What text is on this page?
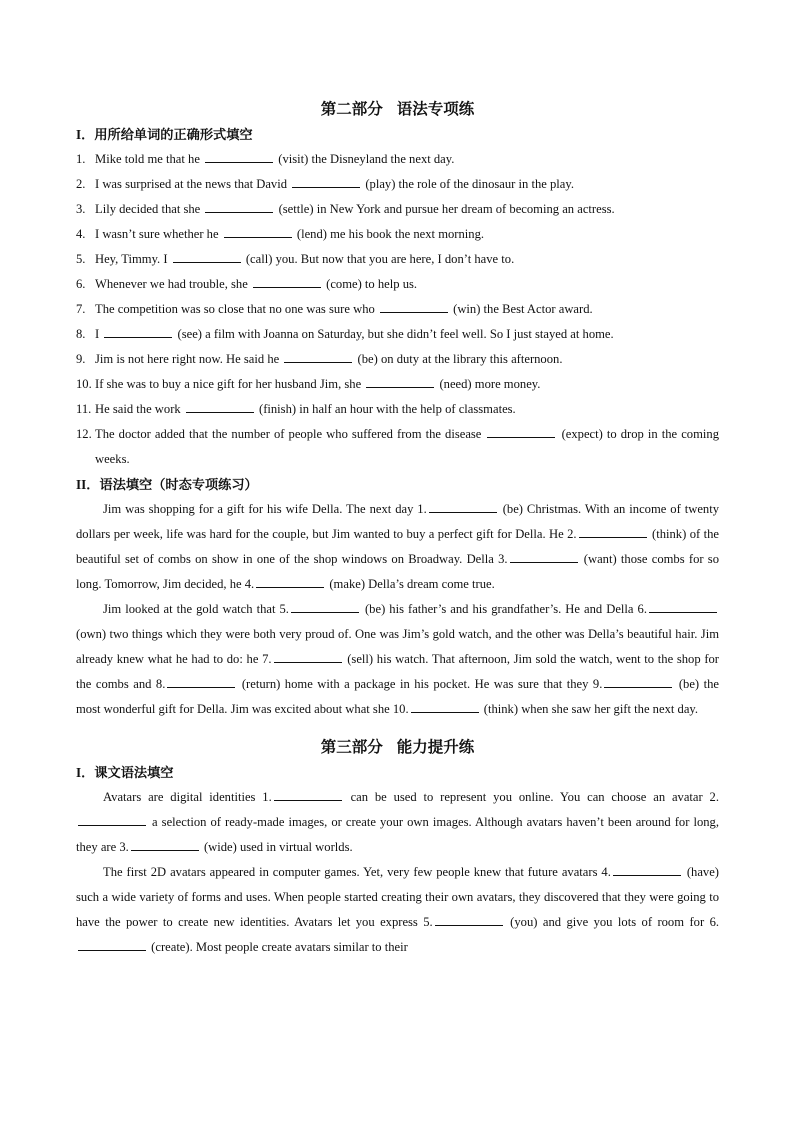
第二部分 语法专项练
I．用所给单词的正确形式填空
1. Mike told me that he	(visit) the Disneyland the next day.
2. I was surprised at the news that David	(play) the role of the dinosaur in the play.
3. Lily decided that she	(settle) in New York and pursue her dream of becoming an actress.
4. I wasn’t sure whether he	(lend) me his book the next morning.
5. Hey, Timmy. I	(call) you. But now that you are here, I don’t have to.
6. Whenever we had trouble, she	(come) to help us.
7. The competition was so close that no one was sure who	(win) the Best Actor award.
8. I	(see) a film with Joanna on Saturday, but she didn’t feel well. So I just stayed at home.
9. Jim is not here right now. He said he	(be) on duty at the library this afternoon.
10. If she was to buy a nice gift for her husband Jim, she	(need) more money.
11. He said the work	(finish) in half an hour with the help of classmates.
12. The doctor added that the number of people who suffered from the disease	(expect) to drop in the coming weeks.
II．语法填空（时态专项练习）

Jim was shopping for a gift for his wife Della. The next day 1.	(be) Christmas. With an income of twenty dollars per week, life was hard for the couple, but Jim wanted to buy a perfect gift for Della. He 2.	(think) of the beautiful set of combs on show in one of the shop windows on Broadway. Della 3.	(want) those combs for so long. Tomorrow, Jim decided, he 4.	(make) Della’s dream come true.

Jim looked at the gold watch that 5.	(be) his father’s and his grandfather’s. He and Della 6. (own) two things which they were both very proud of. One was Jim’s gold watch, and the other was Della’s beautiful hair. Jim already knew what he had to do: he 7.	(sell) his watch. That afternoon, Jim sold the watch, went to the shop for the combs and 8.	(return) home with a package in his pocket. He was sure that they 9.	(be) the most wonderful gift for Della. Jim was excited about what she 10.	(think) when she saw her gift the next day.

第三部分 能力提升练
I．课文语法填空

Avatars are digital identities 1.	can be used to represent you online. You can choose an avatar 2. a selection of ready-made images, or create your own images. Although avatars haven’t been around for long, they are 3.	(wide) used in virtual worlds.

The first 2D avatars appeared in computer games. Yet, very few people knew that future avatars 4.	(have) such a wide variety of forms and uses. When people started creating their own avatars, they discovered that they were going to have the power to create new identities. Avatars let you express 5.	(you) and give you lots of room for 6. (create). Most people create avatars similar to their
